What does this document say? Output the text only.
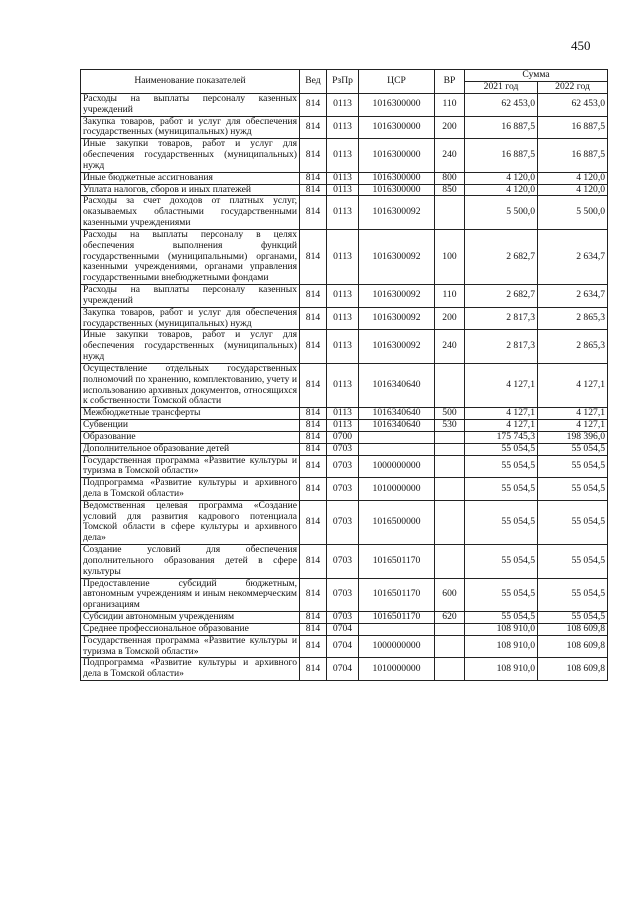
450
Наименование показателей	Вед	РзПр	ЦСР	ВР	Сумма	
					2021 год	2022 год
Расходы на выплаты персоналу казенных учреждений	814	0113	1016300000	110	62 453,0	62 453,0
Закупка товаров, работ и услуг для обеспечения государственных (муниципальных) нужд	814	0113	1016300000	200	16 887,5	16 887,5
Иные закупки товаров, работ и услуг для обеспечения государственных (муниципальных) нужд	814	0113	1016300000	240	16 887,5	16 887,5
Иные бюджетные ассигнования	814	0113	1016300000	800	4 120,0	4 120,0
Уплата налогов, сборов и иных платежей	814	0113	1016300000	850	4 120,0	4 120,0
Расходы за счет доходов от платных услуг, оказываемых областными государственными казенными учреждениями	814	0113	1016300092		5 500,0	5 500,0
Расходы на выплаты персоналу в целях обеспечения выполнения функций государственными (муниципальными) органами, казенными учреждениями, органами управления государственными внебюджетными фондами	814	0113	1016300092	100	2 682,7	2 634,7
Расходы на выплаты персоналу казенных учреждений	814	0113	1016300092	110	2 682,7	2 634,7
Закупка товаров, работ и услуг для обеспечения государственных (муниципальных) нужд	814	0113	1016300092	200	2 817,3	2 865,3
Иные закупки товаров, работ и услуг для обеспечения государственных (муниципальных) нужд	814	0113	1016300092	240	2 817,3	2 865,3
Осуществление отдельных государственных полномочий по хранению, комплектованию, учету и использованию архивных документов, относящихся к собственности Томской области	814	0113	1016340640		4 127,1	4 127,1
Межбюджетные трансферты	814	0113	1016340640	500	4 127,1	4 127,1
Субвенции	814	0113	1016340640	530	4 127,1	4 127,1
Образование	814	0700			175 745,3	198 396,0
Дополнительное образование детей	814	0703			55 054,5	55 054,5
Государственная программа «Развитие культуры и туризма в Томской области»	814	0703	1000000000		55 054,5	55 054,5
Подпрограмма «Развитие культуры и архивного дела в Томской области»	814	0703	1010000000		55 054,5	55 054,5
Ведомственная целевая программа «Создание условий для развития кадрового потенциала Томской области в сфере культуры и архивного дела»	814	0703	1016500000		55 054,5	55 054,5
Создание условий для обеспечения дополнительного образования детей в сфере культуры	814	0703	1016501170		55 054,5	55 054,5
Предоставление субсидий бюджетным, автономным учреждениям и иным некоммерческим организациям	814	0703	1016501170	600	55 054,5	55 054,5
Субсидии автономным учреждениям	814	0703	1016501170	620	55 054,5	55 054,5
Среднее профессиональное образование	814	0704			108 910,0	108 609,8
Государственная программа «Развитие культуры и туризма в Томской области»	814	0704	1000000000		108 910,0	108 609,8
Подпрограмма «Развитие культуры и архивного дела в Томской области»	814	0704	1010000000		108 910,0	108 609,8
